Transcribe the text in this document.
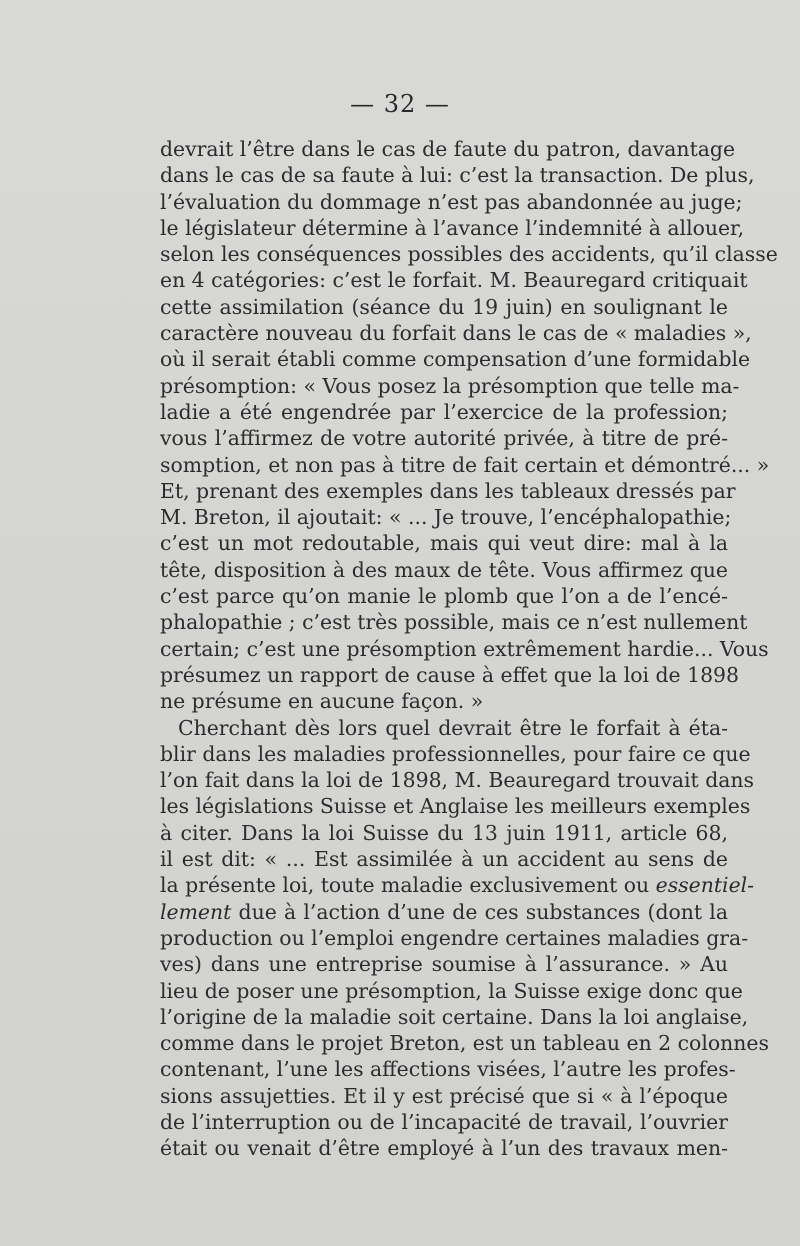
— 32 —
devrait l’être dans le cas de faute du patron, davantage
dans le cas de sa faute à lui: c’est la transaction. De plus,
l’évaluation du dommage n’est pas abandonnée au juge;
le législateur détermine à l’avance l’indemnité à allouer,
selon les conséquences possibles des accidents, qu’il classe
en 4 catégories: c’est le forfait. M. Beauregard critiquait
cette assimilation (séance du 19 juin) en soulignant le
caractère nouveau du forfait dans le cas de « maladies »,
où il serait établi comme compensation d’une formidable
présomption: « Vous posez la présomption que telle ma-
ladie a été engendrée par l’exercice de la profession;
vous l’affirmez de votre autorité privée, à titre de pré-
somption, et non pas à titre de fait certain et démontré... »
Et, prenant des exemples dans les tableaux dressés par
M. Breton, il ajoutait: « ... Je trouve, l’encéphalopathie;
c’est un mot redoutable, mais qui veut dire: mal à la
tête, disposition à des maux de tête. Vous affirmez que
c’est parce qu’on manie le plomb que l’on a de l’encé-
phalopathie ; c’est très possible, mais ce n’est nullement
certain; c’est une présomption extrêmement hardie... Vous
présumez un rapport de cause à effet que la loi de 1898
ne présume en aucune façon. »
Cherchant dès lors quel devrait être le forfait à éta-
blir dans les maladies professionnelles, pour faire ce que
l’on fait dans la loi de 1898, M. Beauregard trouvait dans
les législations Suisse et Anglaise les meilleurs exemples
à citer. Dans la loi Suisse du 13 juin 1911, article 68,
il est dit: « ... Est assimilée à un accident au sens de
la présente loi, toute maladie exclusivement ou essentiel-
lement due à l’action d’une de ces substances (dont la
production ou l’emploi engendre certaines maladies gra-
ves) dans une entreprise soumise à l’assurance. » Au
lieu de poser une présomption, la Suisse exige donc que
l’origine de la maladie soit certaine. Dans la loi anglaise,
comme dans le projet Breton, est un tableau en 2 colonnes
contenant, l’une les affections visées, l’autre les profes-
sions assujetties. Et il y est précisé que si « à l’époque
de l’interruption ou de l’incapacité de travail, l’ouvrier
était ou venait d’être employé à l’un des travaux men-
